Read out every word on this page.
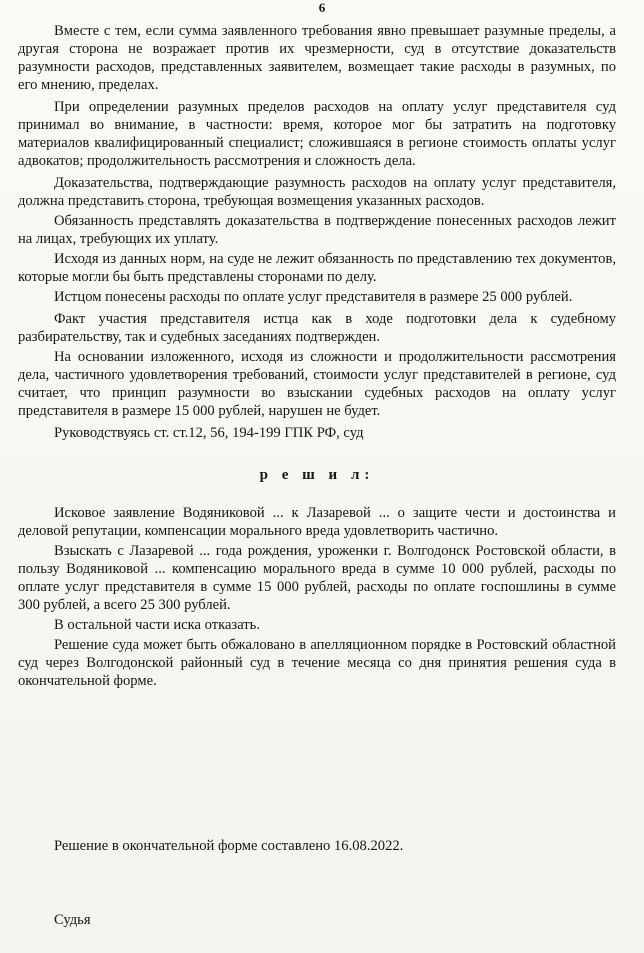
6

Вместе с тем, если сумма заявленного требования явно превышает разумные пределы, а другая сторона не возражает против их чрезмерности, суд в отсутствие доказательств разумности расходов, представленных заявителем, возмещает такие расходы в разумных, по его мнению, пределах.

При определении разумных пределов расходов на оплату услуг представителя суд принимал во внимание, в частности: время, которое мог бы затратить на подготовку материалов квалифицированный специалист; сложившаяся в регионе стоимость оплаты услуг адвокатов; продолжительность рассмотрения и сложность дела.

Доказательства, подтверждающие разумность расходов на оплату услуг представителя, должна представить сторона, требующая возмещения указанных расходов.

Обязанность представлять доказательства в подтверждение понесенных расходов лежит на лицах, требующих их уплату.

Исходя из данных норм, на суде не лежит обязанность по представлению тех документов, которые могли бы быть представлены сторонами по делу.

Истцом понесены расходы по оплате услуг представителя в размере 25 000 рублей.

Факт участия представителя истца как в ходе подготовки дела к судебному разбирательству, так и судебных заседаниях подтвержден.

На основании изложенного, исходя из сложности и продолжительности рассмотрения дела, частичного удовлетворения требований, стоимости услуг представителей в регионе, суд считает, что принцип разумности во взыскании судебных расходов на оплату услуг представителя в размере 15 000 рублей, нарушен не будет.

Руководствуясь ст. ст.12, 56, 194-199 ГПК РФ, суд

р е ш и л:

Исковое заявление Водяниковой ... к Лазаревой ... о защите чести и достоинства и деловой репутации, компенсации морального вреда удовлетворить частично.

Взыскать с Лазаревой ... года рождения, уроженки г. Волгодонск Ростовской области, в пользу Водяниковой ... компенсацию морального вреда в сумме 10 000 рублей, расходы по оплате услуг представителя в сумме 15 000 рублей, расходы по оплате госпошлины в сумме 300 рублей, а всего 25 300 рублей.

В остальной части иска отказать.

Решение суда может быть обжаловано в апелляционном порядке в Ростовский областной суд через Волгодонской районный суд в течение месяца со дня принятия решения суда в окончательной форме.

Решение в окончательной форме составлено 16.08.2022.
Судья
